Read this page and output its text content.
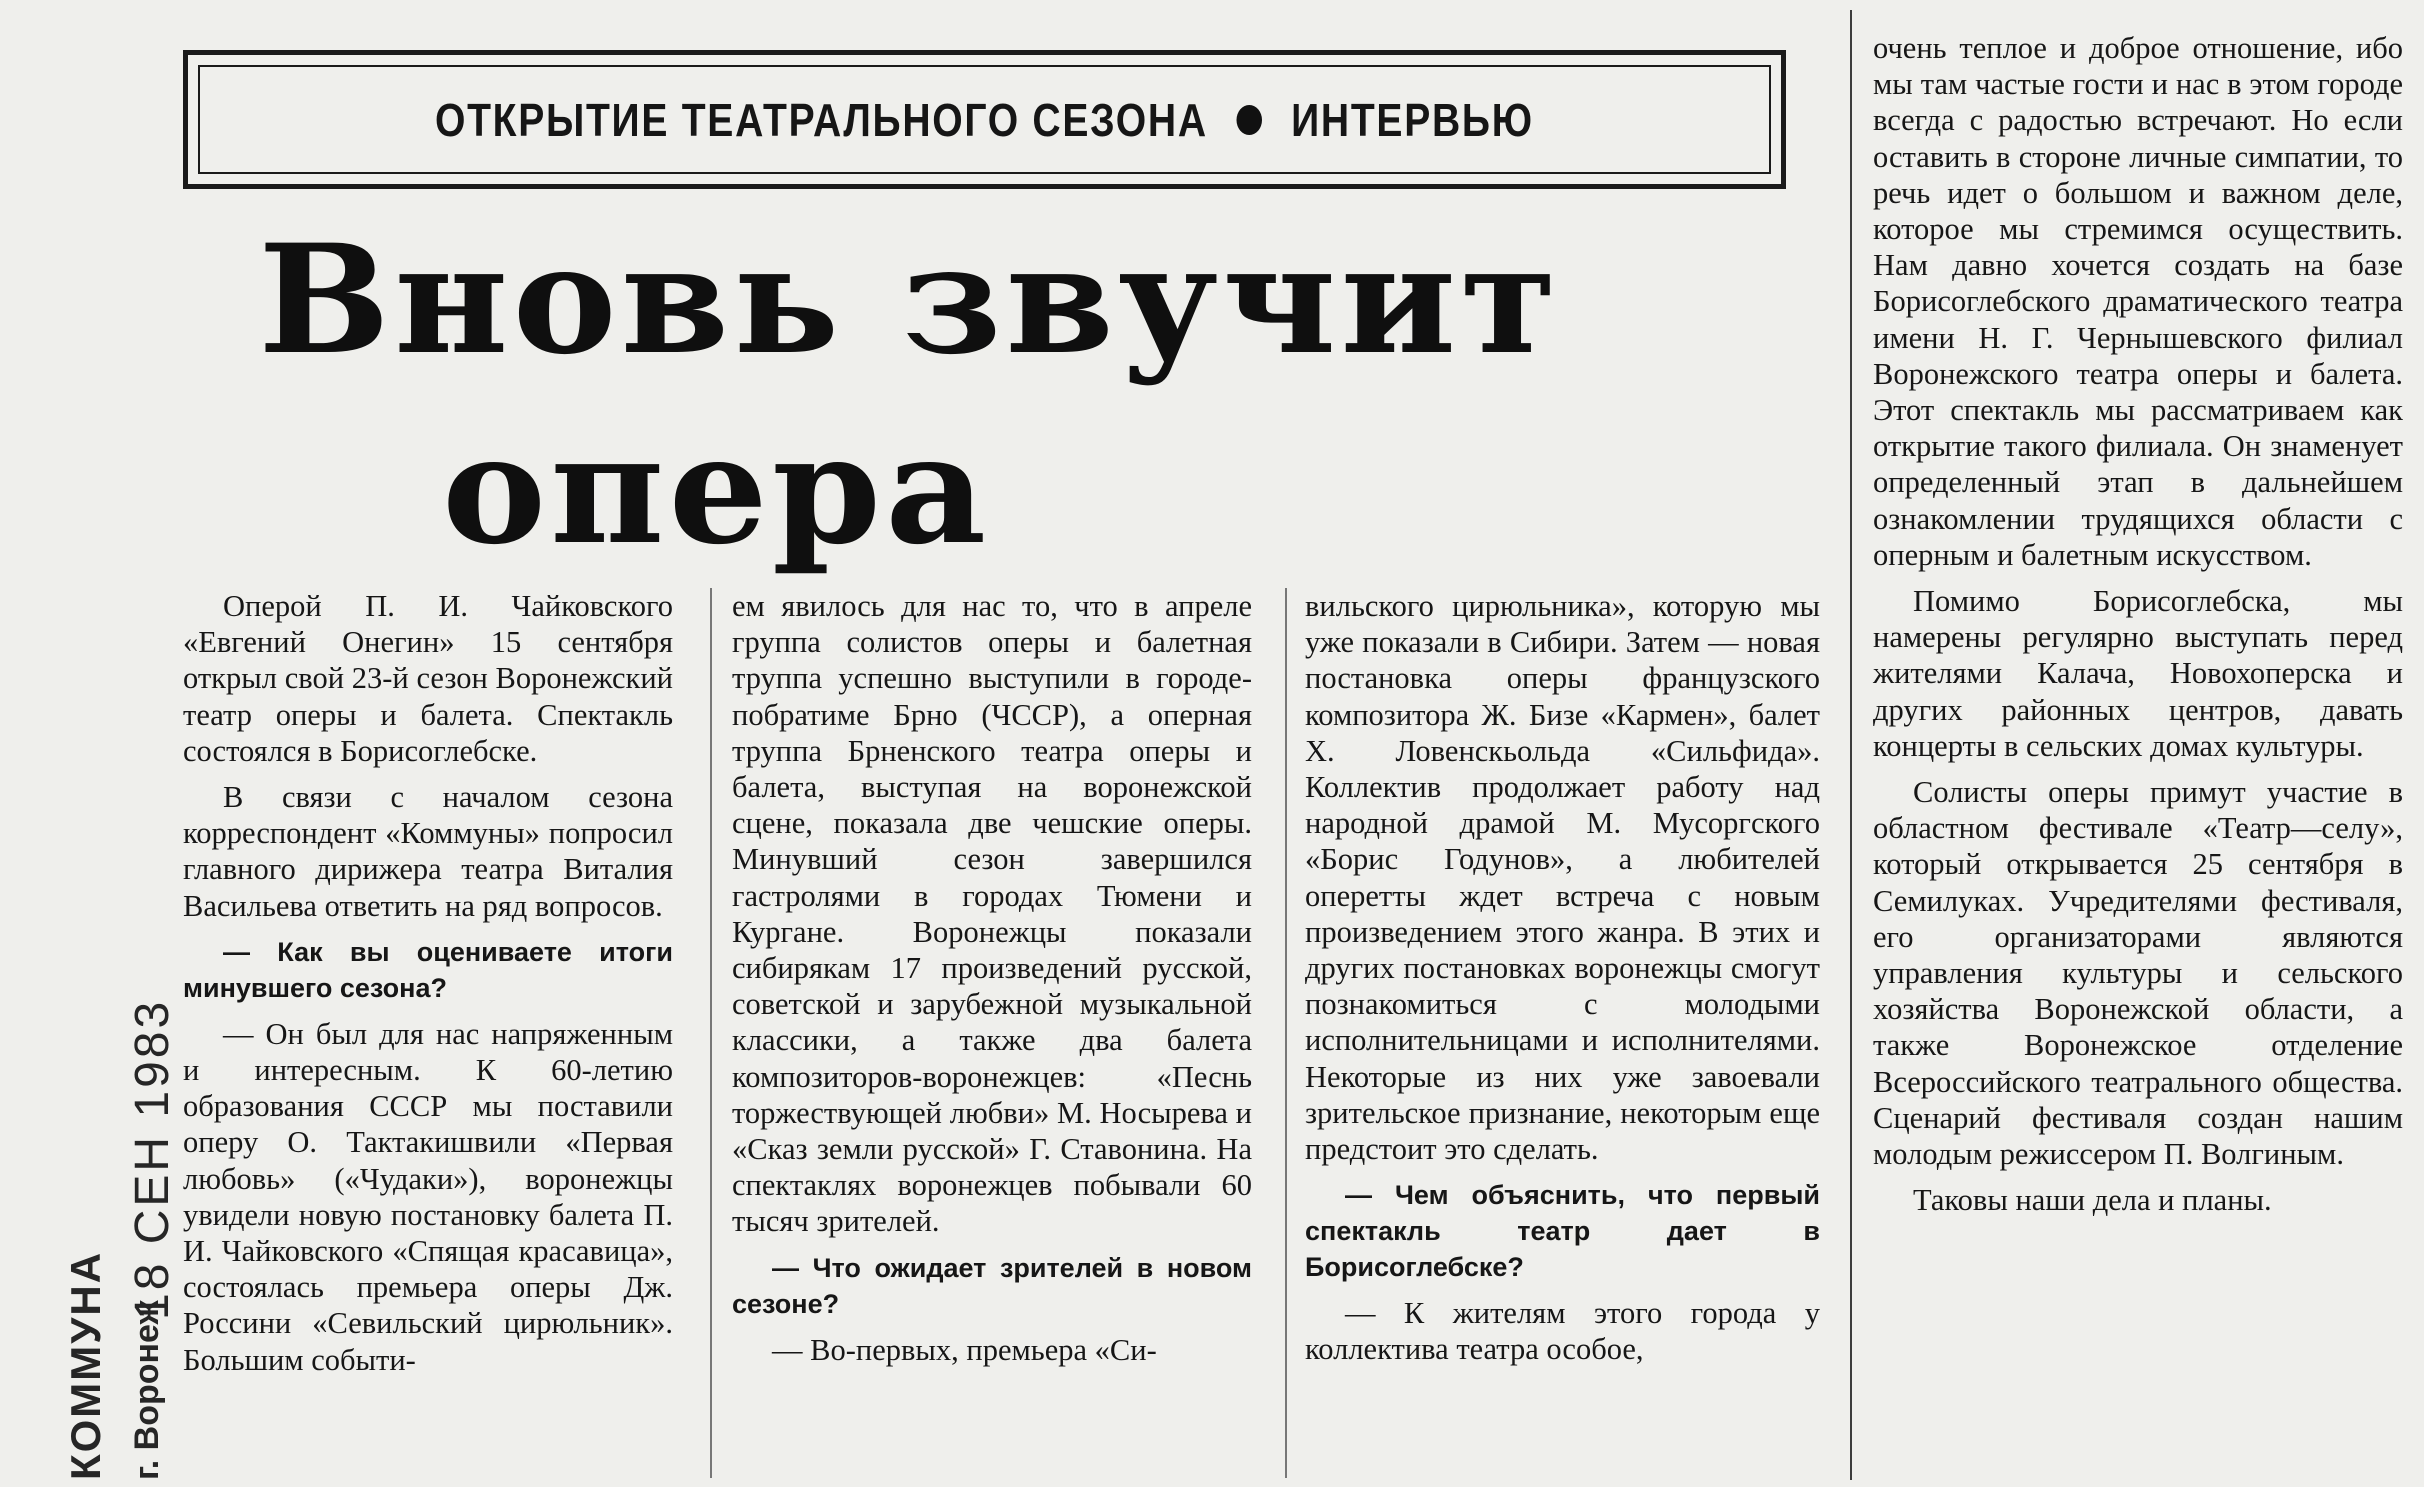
ОТКРЫТИЕ ТЕАТРАЛЬНОГО СЕЗОНА ИНТЕРВЬЮ
Вновь звучит
опера
КОММУНА г. Воронеж
18 СЕН 1983

Оперой П. И. Чайковского «Евгений Онегин» 15 сентября открыл свой 23-й сезон Воронежский театр оперы и балета. Спектакль состоялся в Борисоглебске.

В связи с началом сезона корреспондент «Коммуны» попросил главного дирижера театра Виталия Васильева ответить на ряд вопросов.

— Как вы оцениваете итоги минувшего сезона?

— Он был для нас напряженным и интересным. К 60-летию образования СССР мы поставили оперу О. Тактакишвили «Первая любовь» («Чудаки»), воронежцы увидели новую постановку балета П. И. Чайковского «Спящая красавица», состоялась премьера оперы Дж. Россини «Севильский цирюльник». Большим событи-

ем явилось для нас то, что в апреле группа солистов оперы и балетная труппа успешно выступили в городе-побратиме Брно (ЧССР), а оперная труппа Брненского театра оперы и балета, выступая на воронежской сцене, показала две чешские оперы. Минувший сезон завершился гастролями в городах Тюмени и Кургане. Воронежцы показали сибирякам 17 произведений русской, советской и зарубежной музыкальной классики, а также два балета композиторов-воронежцев: «Песнь торжествующей любви» М. Носырева и «Сказ земли русской» Г. Ставонина. На спектаклях воронежцев побывали 60 тысяч зрителей.

— Что ожидает зрителей в новом сезоне?

— Во-первых, премьера «Си-

вильского цирюльника», которую мы уже показали в Сибири. Затем — новая постановка оперы французского композитора Ж. Бизе «Кармен», балет Х. Ловенскьольда «Сильфида». Коллектив продолжает работу над народной драмой М. Мусоргского «Борис Годунов», а любителей оперетты ждет встреча с новым произведением этого жанра. В этих и других постановках воронежцы смогут познакомиться с молодыми исполнительницами и исполнителями. Некоторые из них уже завоевали зрительское признание, некоторым еще предстоит это сделать.

— Чем объяснить, что первый спектакль театр дает в Борисоглебске?

— К жителям этого города у коллектива театра особое,

очень теплое и доброе отношение, ибо мы там частые гости и нас в этом городе всегда с радостью встречают. Но если оставить в стороне личные симпатии, то речь идет о большом и важном деле, которое мы стремимся осуществить. Нам давно хочется создать на базе Борисоглебского драматического театра имени Н. Г. Чернышевского филиал Воронежского театра оперы и балета. Этот спектакль мы рассматриваем как открытие такого филиала. Он знаменует определенный этап в дальнейшем ознакомлении трудящихся области с оперным и балетным искусством.

Помимо Борисоглебска, мы намерены регулярно выступать перед жителями Калача, Новохоперска и других районных центров, давать концерты в сельских домах культуры.

Солисты оперы примут участие в областном фестивале «Театр—селу», который открывается 25 сентября в Семилуках. Учредителями фестиваля, его организаторами являются управления культуры и сельского хозяйства Воронежской области, а также Воронежское отделение Всероссийского театрального общества. Сценарий фестиваля создан нашим молодым режиссером П. Волгиным.

Таковы наши дела и планы.
